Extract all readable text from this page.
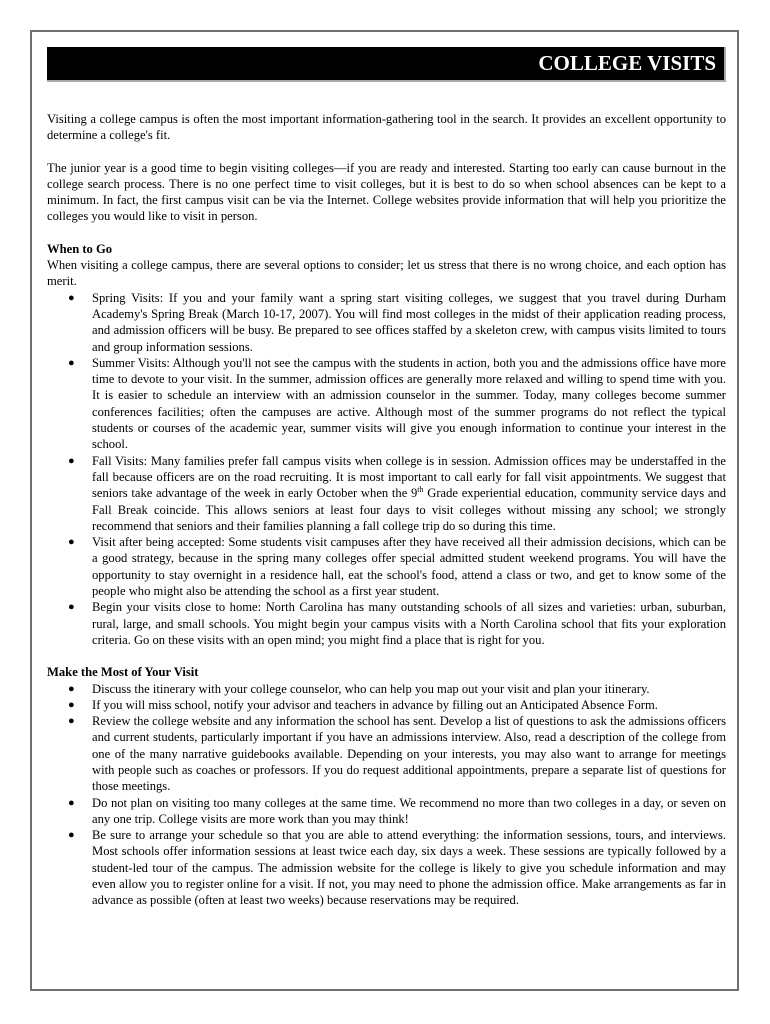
COLLEGE VISITS

Visiting a college campus is often the most important information-gathering tool in the search. It provides an excellent opportunity to determine a college's fit.

The junior year is a good time to begin visiting colleges—if you are ready and interested. Starting too early can cause burnout in the college search process. There is no one perfect time to visit colleges, but it is best to do so when school absences can be kept to a minimum. In fact, the first campus visit can be via the Internet. College websites provide information that will help you prioritize the colleges you would like to visit in person.

When to Go
When visiting a college campus, there are several options to consider; let us stress that there is no wrong choice, and each option has merit.
● Spring Visits: If you and your family want a spring start visiting colleges, we suggest that you travel during Durham Academy's Spring Break (March 10-17, 2007). You will find most colleges in the midst of their application reading process, and admission officers will be busy. Be prepared to see offices staffed by a skeleton crew, with campus visits limited to tours and group information sessions.
● Summer Visits: Although you'll not see the campus with the students in action, both you and the admissions office have more time to devote to your visit. In the summer, admission offices are generally more relaxed and willing to spend time with you. It is easier to schedule an interview with an admission counselor in the summer. Today, many colleges become summer conferences facilities; often the campuses are active. Although most of the summer programs do not reflect the typical students or courses of the academic year, summer visits will give you enough information to continue your interest in the school.
● Fall Visits: Many families prefer fall campus visits when college is in session. Admission offices may be understaffed in the fall because officers are on the road recruiting. It is most important to call early for fall visit appointments. We suggest that seniors take advantage of the week in early October when the 9th Grade experiential education, community service days and Fall Break coincide. This allows seniors at least four days to visit colleges without missing any school; we strongly recommend that seniors and their families planning a fall college trip do so during this time.
● Visit after being accepted: Some students visit campuses after they have received all their admission decisions, which can be a good strategy, because in the spring many colleges offer special admitted student weekend programs. You will have the opportunity to stay overnight in a residence hall, eat the school's food, attend a class or two, and get to know some of the people who might also be attending the school as a first year student.
● Begin your visits close to home: North Carolina has many outstanding schools of all sizes and varieties: urban, suburban, rural, large, and small schools. You might begin your campus visits with a North Carolina school that fits your exploration criteria. Go on these visits with an open mind; you might find a place that is right for you.
Make the Most of Your Visit
● Discuss the itinerary with your college counselor, who can help you map out your visit and plan your itinerary.
● If you will miss school, notify your advisor and teachers in advance by filling out an Anticipated Absence Form.
● Review the college website and any information the school has sent. Develop a list of questions to ask the admissions officers and current students, particularly important if you have an admissions interview. Also, read a description of the college from one of the many narrative guidebooks available. Depending on your interests, you may also want to arrange for meetings with people such as coaches or professors. If you do request additional appointments, prepare a separate list of questions for those meetings.
● Do not plan on visiting too many colleges at the same time. We recommend no more than two colleges in a day, or seven on any one trip. College visits are more work than you may think!
● Be sure to arrange your schedule so that you are able to attend everything: the information sessions, tours, and interviews. Most schools offer information sessions at least twice each day, six days a week. These sessions are typically followed by a student-led tour of the campus. The admission website for the college is likely to give you schedule information and may even allow you to register online for a visit. If not, you may need to phone the admission office. Make arrangements as far in advance as possible (often at least two weeks) because reservations may be required.
